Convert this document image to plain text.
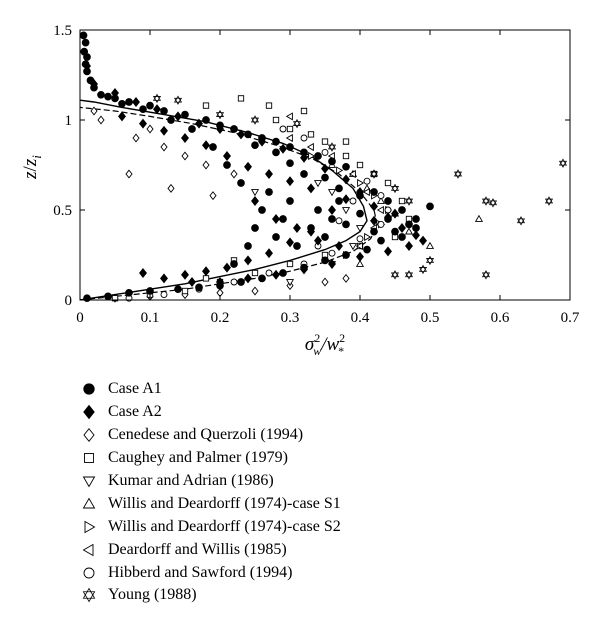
0	0.1	0.2	0.3	0.4	0.5	0.6	0.7
0
0.5
1
1.5
$\sigma^2$ $w/w^2$ *
$z/z_i$
Case A1
Case A2
Cenedese and Querzoli (1994)
Caughey and Palmer (1979)
Kumar and Adrian (1986)
Willis and Deardorff (1974)-case S1
Willis and Deardorff (1974)-case S2
Deardorff and Willis (1985)
Hibberd and Sawford (1994)
Young (1988)
